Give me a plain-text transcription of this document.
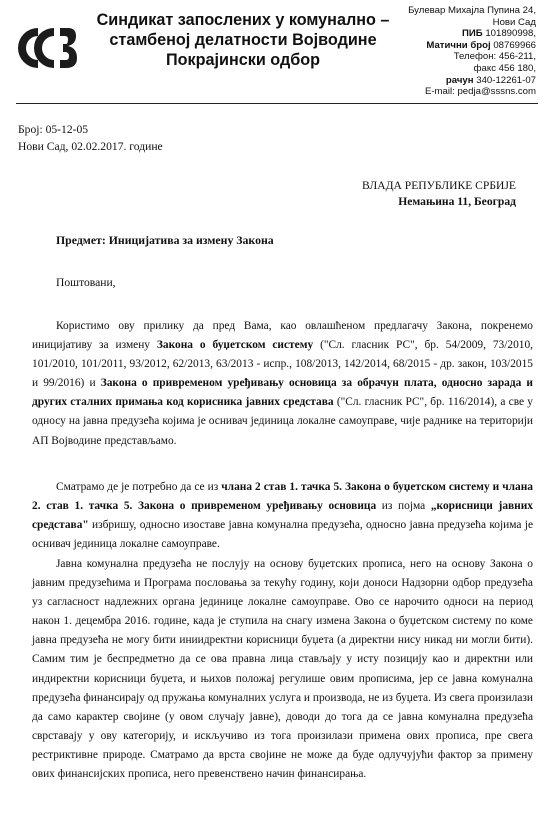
Синдикат запослених у комунално –
стамбеној делатности Војводине
Покрајински одбор
Булевар Михајла Пупина 24,
Нови Сад
ПИБ 101890998,
Матични број 08769966
Телефон: 456-211,
факс 456 180,
рачун 340-12261-07
E-mail: pedja@sssns.com
Број: 05-12-05
Нови Сад, 02.02.2017. године
ВЛАДА РЕПУБЛИКЕ СРБИЈЕ
Немањина 11, Београд
Предмет: Иницијатива за измену Закона
Поштовани,

Користимо ову прилику да пред Вама, као овлашћеном предлагачу Закона, покренемо иницијативу за измену Закона о буџетском систему ("Сл. гласник РС", бр. 54/2009, 73/2010, 101/2010, 101/2011, 93/2012, 62/2013, 63/2013 - испр., 108/2013, 142/2014, 68/2015 - др. закон, 103/2015 и 99/2016) и Закона о привременом уређивању основица за обрачун плата, односно зарада и других сталних примања код корисника јавних средстава ("Сл. гласник РС", бр. 116/2014), а све у односу на јавна предузећа којима је оснивач јединица локалне самоуправе, чије раднике на територији АП Војводине представљамо.

Сматрамо де је потребно да се из члана 2 став 1. тачка 5. Закона о буџетском систему и члана 2. став 1. тачка 5. Закона о привременом уређивању основица из појма „корисници јавних средстава" избришу, односно изоставе јавна комунална предузећа, односно јавна предузећа којима је оснивач јединица локалне самоуправе.

Јавна комунална предузећа не послују на основу буџетских прописа, него на основу Закона о јавним предузећима и Програма пословања за текућу годину, који доноси Надзорни одбор предузећа уз сагласност надлежних органа јединице локалне самоуправе. Ово се нарочито односи на период након 1. децембра 2016. године, када је ступила на снагу измена Закона о буџетском систему по коме јавна предузећа не могу бити иниидректни корисници буџета (а директни нису никад ни могли бити). Самим тим је беспредметно да се ова правна лица стављају у исту позицију као и директни или индиректни корисници буџета, и њихов положај регулише овим прописима, јер се јавна комунална предузећа финансирају од пружања комуналних услуга и производа, не из буџета. Из свега произилази да само карактер својине (у овом случају јавне), доводи до тога да се јавна комунална предузећа сврставају у ову категорију, и искључиво из тога произилази примена ових прописа, пре свега рестриктивне природе. Сматрамо да врста својине не може да буде одлучујући фактор за примену ових финансијских прописа, него превенствено начин финансирања.
